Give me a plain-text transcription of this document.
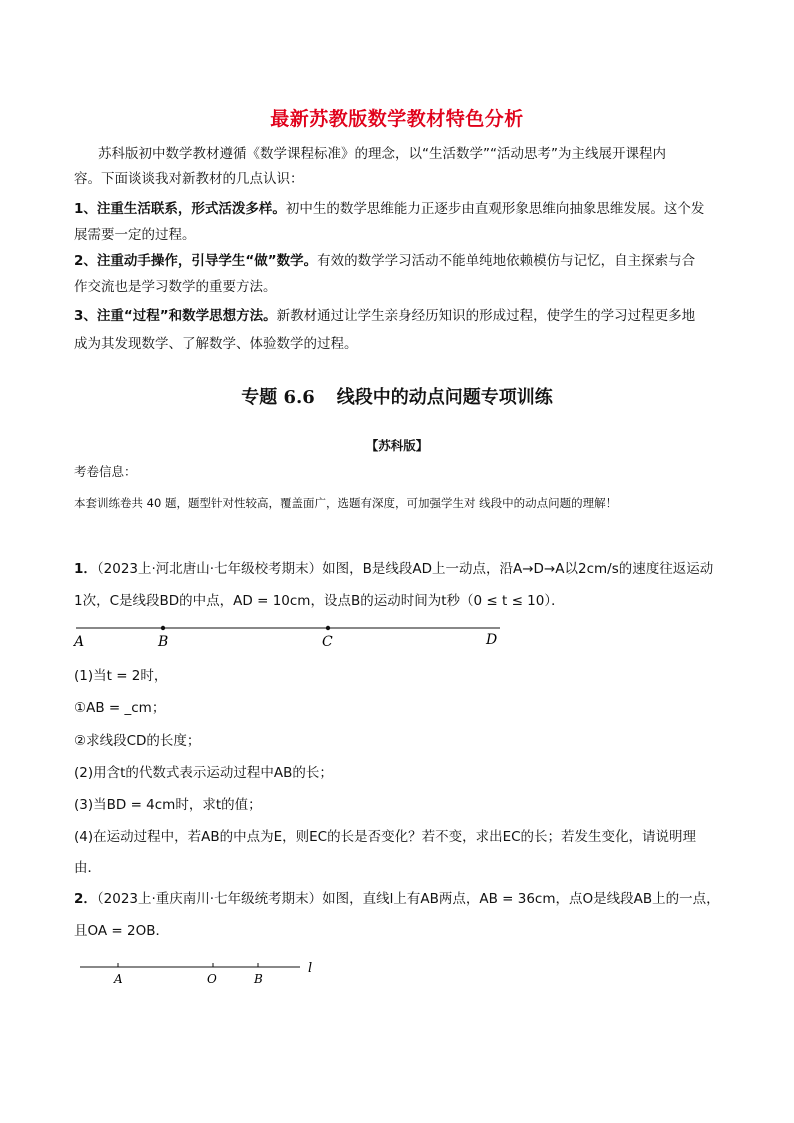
最新苏教版数学教材特色分析
苏科版初中数学教材遵循《数学课程标准》的理念，以“生活数学”“活动思考”为主线展开课程内
容。下面谈谈我对新教材的几点认识：
1、注重生活联系，形式活泼多样。初中生的数学思维能力正逐步由直观形象思维向抽象思维发展。这个发
展需要一定的过程。
2、注重动手操作，引导学生“做”数学。有效的数学学习活动不能单纯地依赖模仿与记忆，自主探索与合
作交流也是学习数学的重要方法。
3、注重“过程”和数学思想方法。新教材通过让学生亲身经历知识的形成过程，使学生的学习过程更多地
成为其发现数学、了解数学、体验数学的过程。
专题 6.6 线段中的动点问题专项训练
【苏科版】
考卷信息：
本套训练卷共 40 题，题型针对性较高，覆盖面广，选题有深度，可加强学生对 线段中的动点问题的理解！
1．（2023上·河北唐山·七年级校考期末）如图，B是线段AD上一动点，沿A→D→A以2cm/s的速度往返运动
1次，C是线段BD的中点，AD = 10cm，设点B的运动时间为t秒（0 ≤ t ≤ 10）．
A	B	C	D
(1)当t = 2时，
①AB = _cm；
②求线段CD的长度；
(2)用含t的代数式表示运动过程中AB的长；
(3)当BD = 4cm时，求t的值；
(4)在运动过程中，若AB的中点为E，则EC的长是否变化？若不变，求出EC的长；若发生变化，请说明理
由．
2．（2023上·重庆南川·七年级统考期末）如图，直线l上有AB两点，AB = 36cm，点O是线段AB上的一点，
且OA = 2OB．
A	O	B
l
